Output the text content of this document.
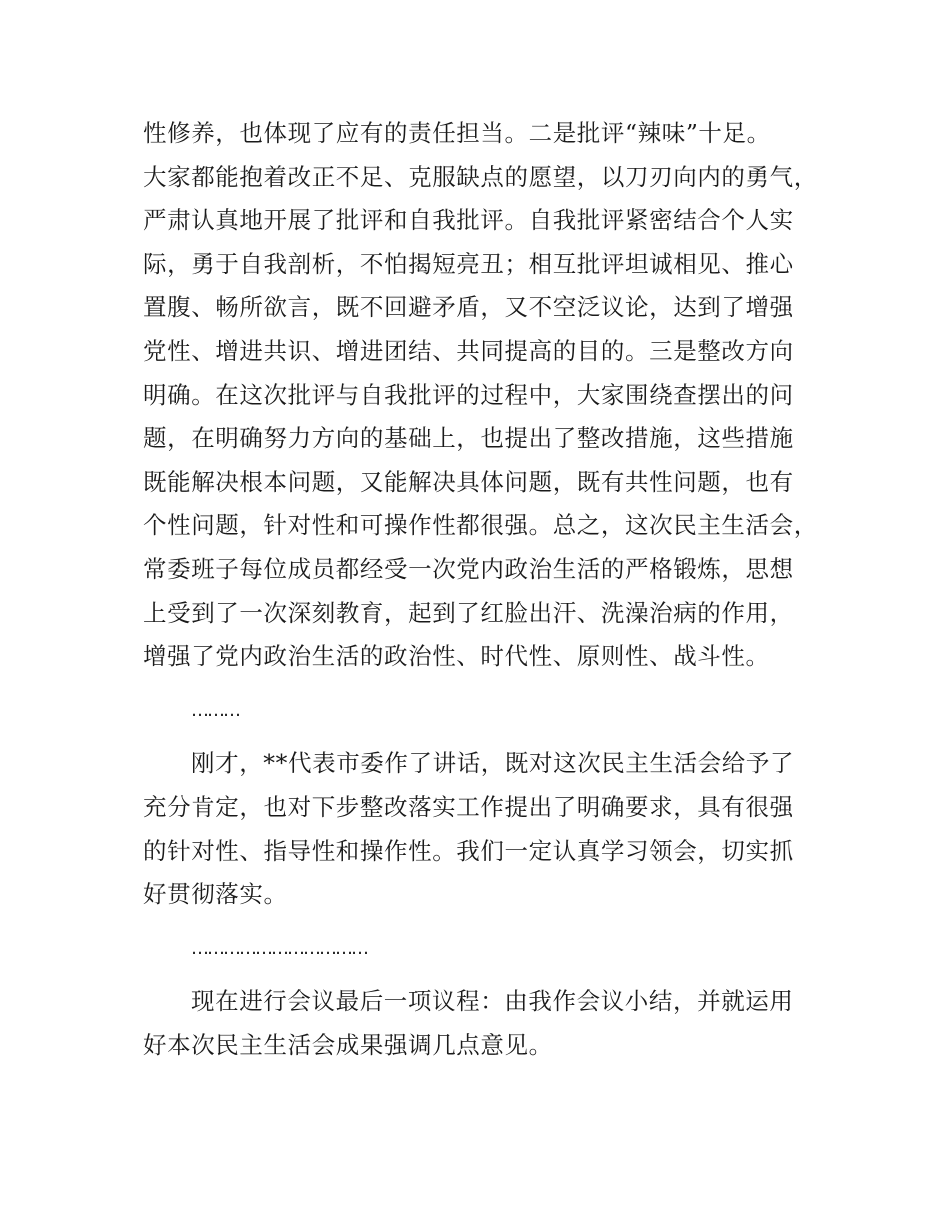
性修养，也体现了应有的责任担当。二是批评“辣味”十足。
大家都能抱着改正不足、克服缺点的愿望，以刀刃向内的勇气，
严肃认真地开展了批评和自我批评。自我批评紧密结合个人实
际，勇于自我剖析，不怕揭短亮丑；相互批评坦诚相见、推心
置腹、畅所欲言，既不回避矛盾，又不空泛议论，达到了增强
党性、增进共识、增进团结、共同提高的目的。三是整改方向
明确。在这次批评与自我批评的过程中，大家围绕查摆出的问
题，在明确努力方向的基础上，也提出了整改措施，这些措施
既能解决根本问题，又能解决具体问题，既有共性问题，也有
个性问题，针对性和可操作性都很强。总之，这次民主生活会，
常委班子每位成员都经受一次党内政治生活的严格锻炼，思想
上受到了一次深刻教育，起到了红脸出汗、洗澡治病的作用，
增强了党内政治生活的政治性、时代性、原则性、战斗性。
………
刚才，**代表市委作了讲话，既对这次民主生活会给予了
充分肯定，也对下步整改落实工作提出了明确要求，具有很强
的针对性、指导性和操作性。我们一定认真学习领会，切实抓
好贯彻落实。
……………………………
现在进行会议最后一项议程：由我作会议小结，并就运用
好本次民主生活会成果强调几点意见。
